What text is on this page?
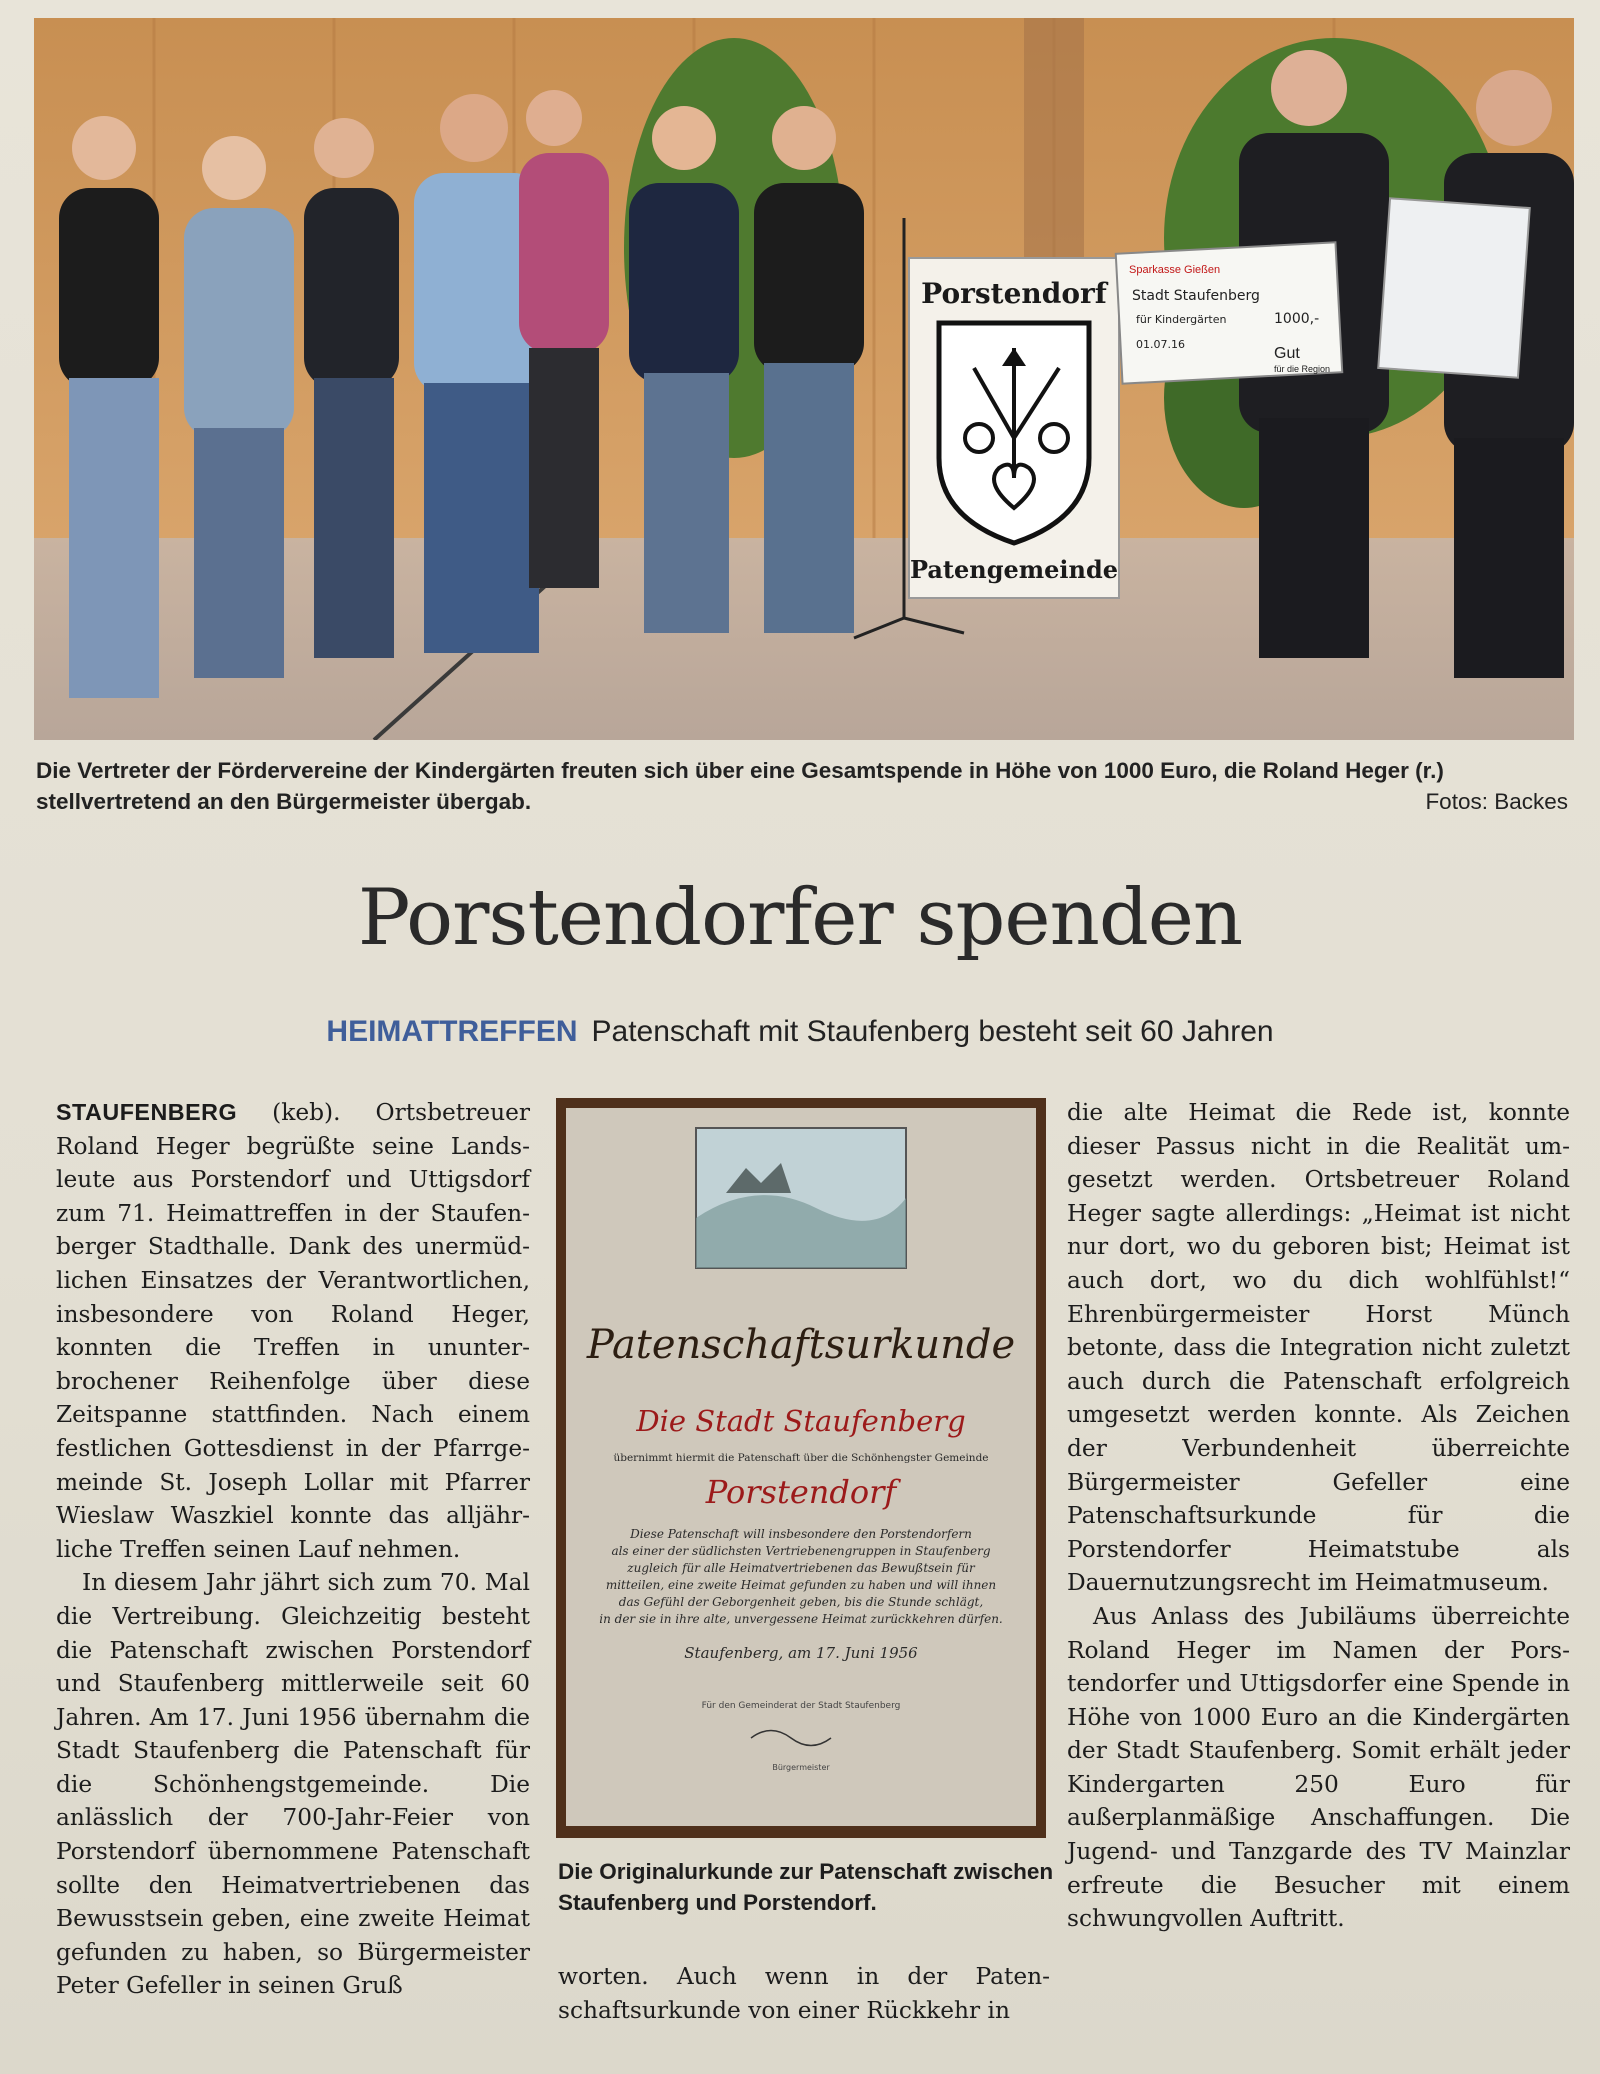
Porstendorf
Patengemeinde
Sparkasse Gießen
Stadt Staufenberg
für Kindergärten	1000,-
01.07.16
Gut
für die Region
Die Vertreter der Fördervereine der Kindergärten freuten sich über eine Gesamtspende in Höhe von 1000 Euro, die Roland Heger (r.) stellvertretend an den Bürgermeister übergab.	Fotos: Backes
Porstendorfer spenden
HEIMATTREFFEN Patenschaft mit Staufenberg besteht seit 60 Jahren

STAUFENBERG (keb). Ortsbetreuer Roland Heger begrüßte seine Landsleute aus Porstendorf und Uttigsdorf zum 71. Heimattreffen in der Staufenberger Stadthalle. Dank des unermüdlichen Einsatzes der Verantwortlichen, insbesondere von Roland Heger, konnten die Treffen in ununterbrochener Reihenfolge über diese Zeitspanne stattfinden. Nach einem festlichen Gottesdienst in der Pfarrgemeinde St. Joseph Lollar mit Pfarrer Wieslaw Waszkiel konnte das alljährliche Treffen seinen Lauf nehmen.

In diesem Jahr jährt sich zum 70. Mal die Vertreibung. Gleichzeitig besteht die Patenschaft zwischen Porstendorf und Staufenberg mittlerweile seit 60 Jahren. Am 17. Juni 1956 übernahm die Stadt Staufenberg die Patenschaft für die Schönhengstgemeinde. Die anlässlich der 700-Jahr-Feier von Porstendorf übernommene Patenschaft sollte den Heimatvertriebenen das Bewusstsein geben, eine zweite Heimat gefunden zu haben, so Bürgermeister Peter Gefeller in seinen Gruß

Patenschaftsurkunde
Die Stadt Staufenberg
übernimmt hiermit die Patenschaft über die Schönhengster Gemeinde
Porstendorf
Diese Patenschaft will insbesondere den Porstendorfern
als einer der südlichsten Vertriebenengruppen in Staufenberg
zugleich für alle Heimatvertriebenen das Bewußtsein für
mitteilen, eine zweite Heimat gefunden zu haben und will ihnen
das Gefühl der Geborgenheit geben, bis die Stunde schlägt,
in der sie in ihre alte, unvergessene Heimat zurückkehren dürfen.
Staufenberg, am 17. Juni 1956
Für den Gemeinderat der Stadt Staufenberg
Bürgermeister
Die Originalurkunde zur Patenschaft zwischen Staufenberg und Porstendorf.
worten. Auch wenn in der Patenschaftsurkunde von einer Rückkehr in

die alte Heimat die Rede ist, konnte dieser Passus nicht in die Realität umgesetzt werden. Ortsbetreuer Roland Heger sagte allerdings: „Heimat ist nicht nur dort, wo du geboren bist; Heimat ist auch dort, wo du dich wohlfühlst!“ Ehrenbürgermeister Horst Münch betonte, dass die Integration nicht zuletzt auch durch die Patenschaft erfolgreich umgesetzt werden konnte. Als Zeichen der Verbundenheit überreichte Bürgermeister Gefeller eine Patenschaftsurkunde für die Porstendorfer Heimatstube als Dauernutzungsrecht im Heimatmuseum.

Aus Anlass des Jubiläums überreichte Roland Heger im Namen der Porstendorfer und Uttigsdorfer eine Spende in Höhe von 1000 Euro an die Kindergärten der Stadt Staufenberg. Somit erhält jeder Kindergarten 250 Euro für außerplanmäßige Anschaffungen. Die Jugend- und Tanzgarde des TV Mainzlar erfreute die Besucher mit einem schwungvollen Auftritt.
